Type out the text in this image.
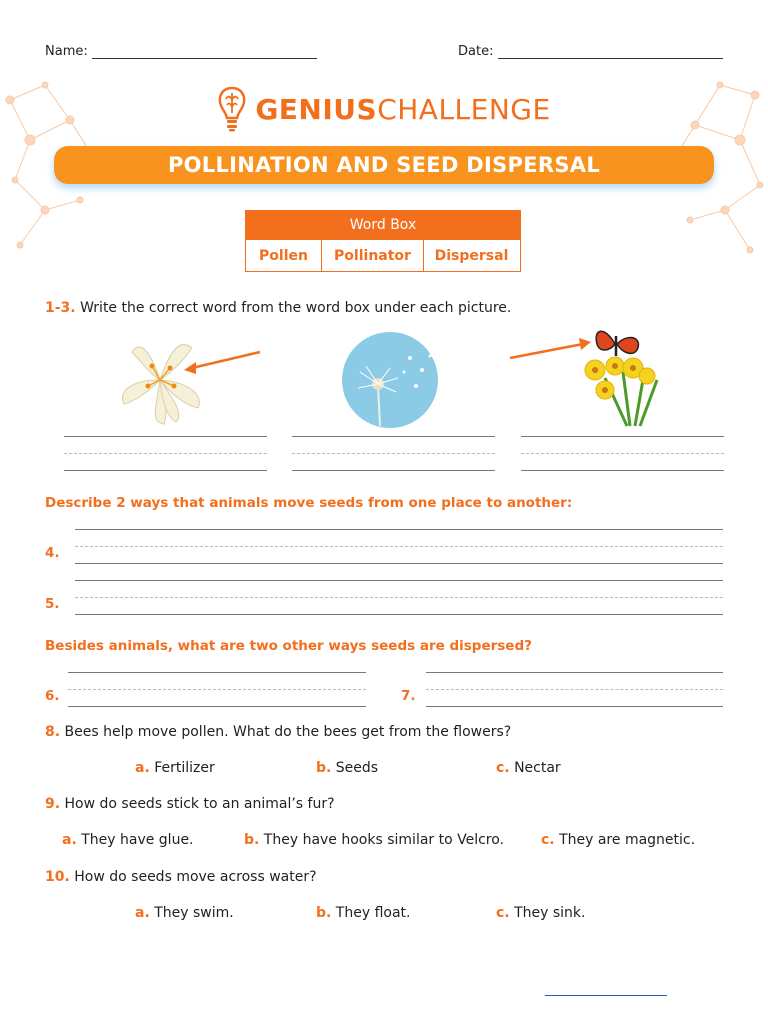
Name:	Date:
GENIUSCHALLENGE
POLLINATION AND SEED DISPERSAL
Word Box
Pollen	Pollinator	Dispersal
1-3. Write the correct word from the word box under each picture.
Describe 2 ways that animals move seeds from one place to another:
4.
5.
Besides animals, what are two other ways seeds are dispersed?
6.	7.
8. Bees help move pollen. What do the bees get from the flowers?
a. Fertilizer	b. Seeds	c. Nectar
9. How do seeds stick to an animal’s fur?
a. They have glue.	b. They have hooks similar to Velcro.	c. They are magnetic.
10. How do seeds move across water?
a. They swim.	b. They float.	c. They sink.
